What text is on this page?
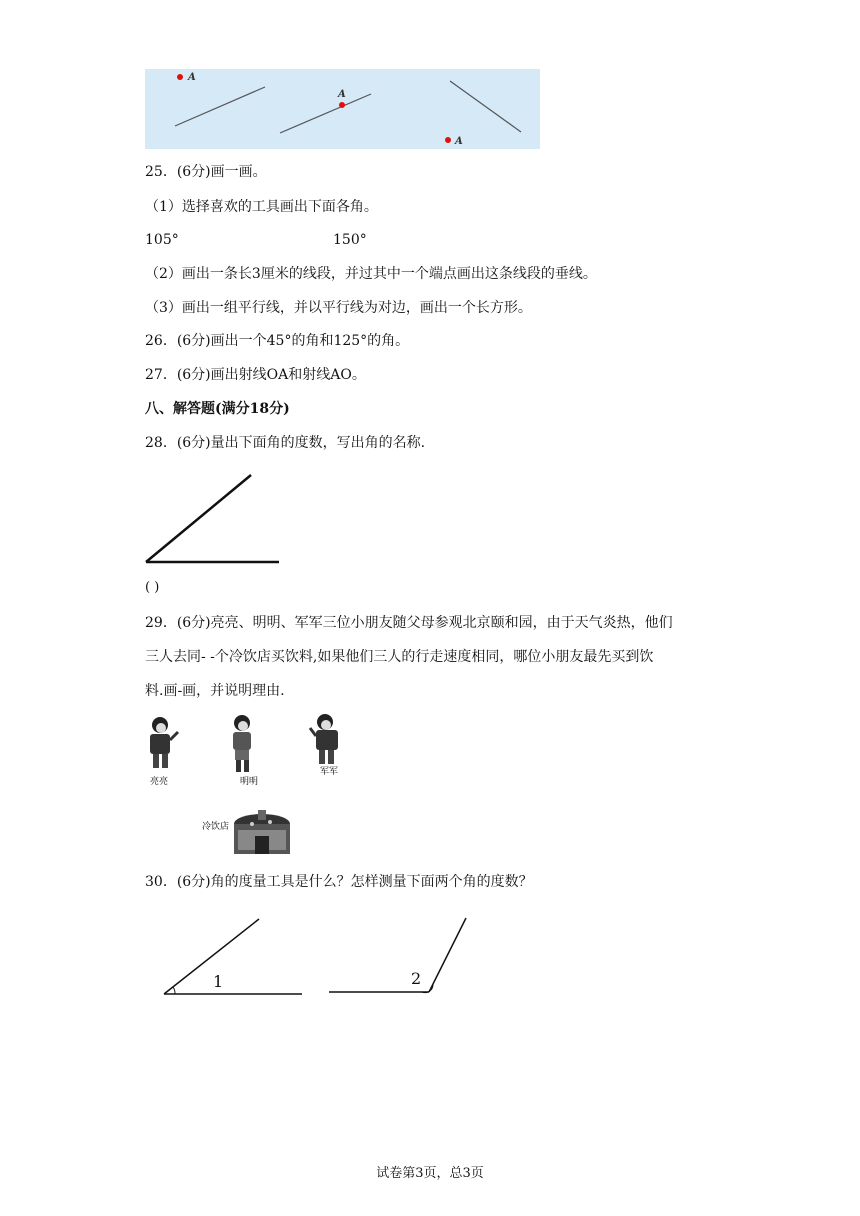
A
A
A
25．(6分)画一画。
（1）选择喜欢的工具画出下面各角。
105°	150°
（2）画出一条长3厘米的线段，并过其中一个端点画出这条线段的垂线。
（3）画出一组平行线，并以平行线为对边，画出一个长方形。
26．(6分)画出一个45°的角和125°的角。
27．(6分)画出射线OA和射线AO。
八、解答题(满分18分)
28．(6分)量出下面角的度数，写出角的名称.
( )
29．(6分)亮亮、明明、军军三位小朋友随父母参观北京颐和园，由于天气炎热，他们
三人去同- -个冷饮店买饮料,如果他们三人的行走速度相同，哪位小朋友最先买到饮
料.画-画，并说明理由.
亮亮	明明
军军
冷饮店
30．(6分)角的度量工具是什么？怎样测量下面两个角的度数？
1	2
试卷第3页，总3页
